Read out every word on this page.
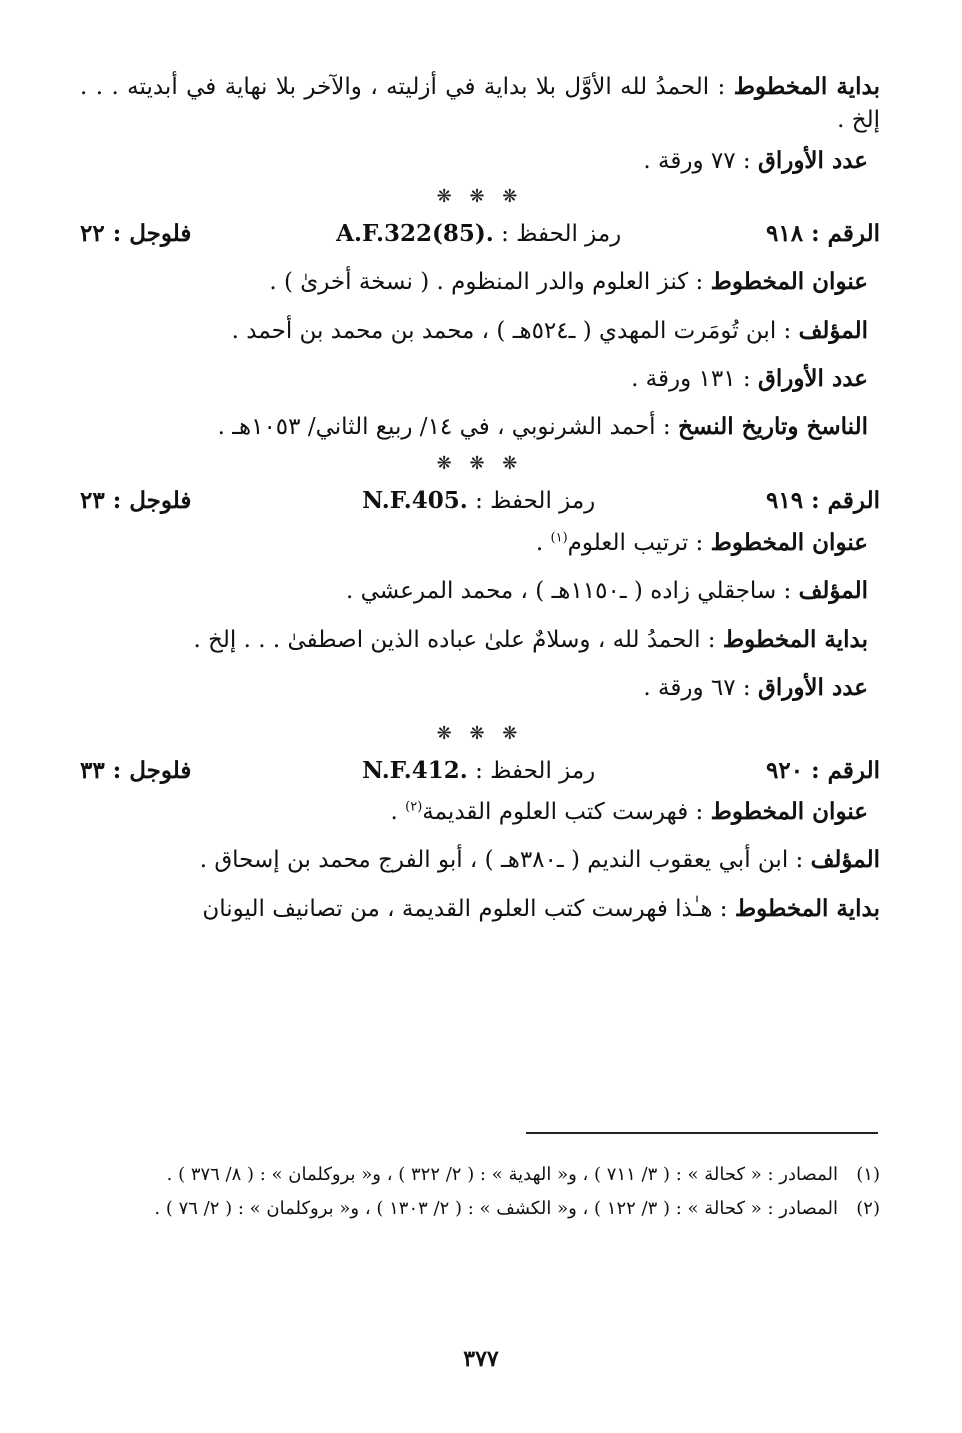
بداية المخطوط : الحمدُ لله الأوَّل بلا بداية في أزليته ، والآخر بلا نهاية في أبديته . . . إلخ .

عدد الأوراق : ٧٧ ورقة .

❋ ❋ ❋
الرقم : ٩١٨
رمز الحفظ : A.F.322(85).
فلوجل : ٢٢

عنوان المخطوط : كنز العلوم والدر المنظوم . ( نسخة أخرىٰ ) .

المؤلف : ابن تُومَرت المهدي ( ـ٥٢٤هـ ) ، محمد بن محمد بن أحمد .

عدد الأوراق : ١٣١ ورقة .

الناسخ وتاريخ النسخ : أحمد الشرنوبي ، في ١٤/ ربيع الثاني/ ١٠٥٣هـ .

❋ ❋ ❋
الرقم : ٩١٩
رمز الحفظ : N.F.405.
فلوجل : ٢٣

عنوان المخطوط : ترتيب العلوم$^{(١)}$ .

المؤلف : ساجقلي زاده ( ـ١١٥٠هـ ) ، محمد المرعشي .

بداية المخطوط : الحمدُ لله ، وسلامٌ علىٰ عباده الذين اصطفىٰ . . . إلخ .

عدد الأوراق : ٦٧ ورقة .

❋ ❋ ❋
الرقم : ٩٢٠
رمز الحفظ : N.F.412.
فلوجل : ٣٣

عنوان المخطوط : فهرست كتب العلوم القديمة$^{(٢)}$ .

المؤلف : ابن أبي يعقوب النديم ( ـ٣٨٠هـ ) ، أبو الفرج محمد بن إسحاق .

بداية المخطوط : هـٰذا فهرست كتب العلوم القديمة ، من تصانيف اليونان

(١)
المصادر : « كحالة » : ( ٣/ ٧١١ ) ، و« الهدية » : ( ٢/ ٣٢٢ ) ، و« بروكلمان » : ( ٨/ ٣٧٦ ) .
(٢)
المصادر : « كحالة » : ( ٣/ ١٢٢ ) ، و« الكشف » : ( ٢/ ١٣٠٣ ) ، و« بروكلمان » : ( ٢/ ٧٦ ) .
٣٧٧
